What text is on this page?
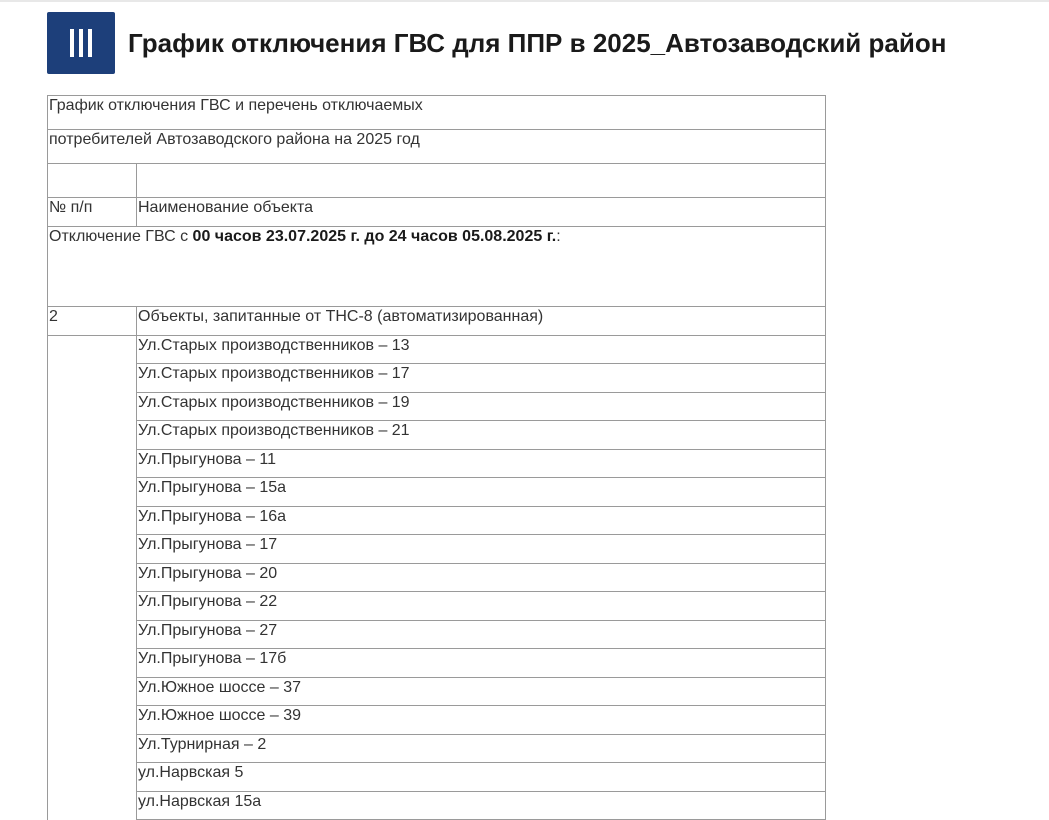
График отключения ГВС для ППР в 2025_Автозаводский район
График отключения ГВС и перечень отключаемых	
потребителей Автозаводского района на 2025 год	

№ п/п	Наименование объекта
Отключение ГВС с 00 часов 23.07.2025 г. до 24 часов 05.08.2025 г.:	
2	Объекты, запитанные от ТНС-8 (автоматизированная)
	Ул.Старых производственников – 13
	Ул.Старых производственников – 17
	Ул.Старых производственников – 19
	Ул.Старых производственников – 21
	Ул.Прыгунова – 11
	Ул.Прыгунова – 15а
	Ул.Прыгунова – 16а
	Ул.Прыгунова – 17
	Ул.Прыгунова – 20
	Ул.Прыгунова – 22
	Ул.Прыгунова – 27
	Ул.Прыгунова – 17б
	Ул.Южное шоссе – 37
	Ул.Южное шоссе – 39
	Ул.Турнирная – 2
	ул.Нарвская 5
	ул.Нарвская 15а
